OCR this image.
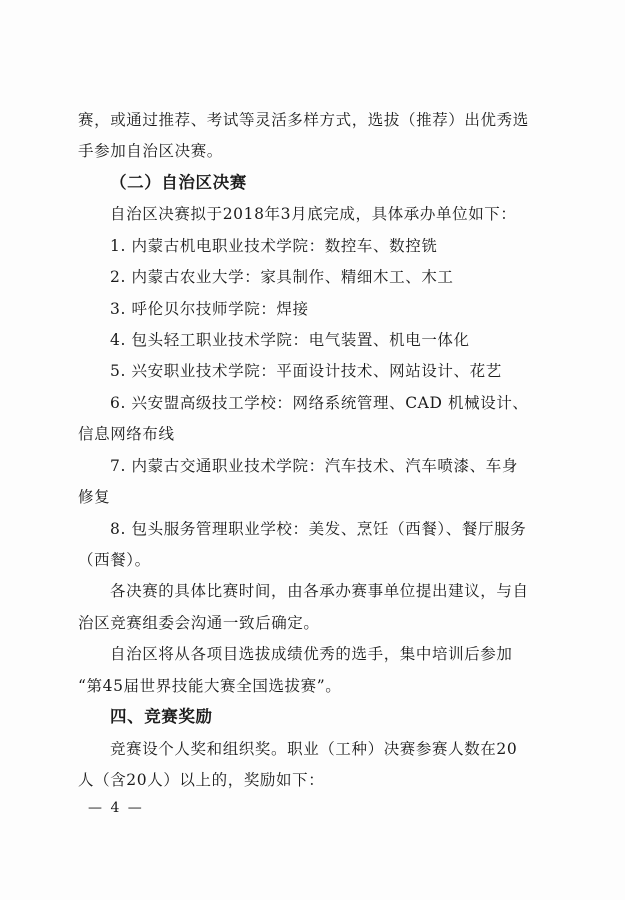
赛，或通过推荐、考试等灵活多样方式，选拔（推荐）出优秀选
手参加自治区决赛。
（二）自治区决赛
自治区决赛拟于2018年3月底完成，具体承办单位如下：
1. 内蒙古机电职业技术学院：数控车、数控铣
2. 内蒙古农业大学：家具制作、精细木工、木工
3. 呼伦贝尔技师学院：焊接
4. 包头轻工职业技术学院：电气装置、机电一体化
5. 兴安职业技术学院：平面设计技术、网站设计、花艺
6. 兴安盟高级技工学校：网络系统管理、CAD 机械设计、
信息网络布线
7. 内蒙古交通职业技术学院：汽车技术、汽车喷漆、车身
修复
8. 包头服务管理职业学校：美发、烹饪（西餐）、餐厅服务
（西餐）。
各决赛的具体比赛时间，由各承办赛事单位提出建议，与自
治区竞赛组委会沟通一致后确定。
自治区将从各项目选拔成绩优秀的选手，集中培训后参加
“第45届世界技能大赛全国选拔赛”。
四、竞赛奖励
竞赛设个人奖和组织奖。职业（工种）决赛参赛人数在20
人（含20人）以上的，奖励如下：
— 4 —
